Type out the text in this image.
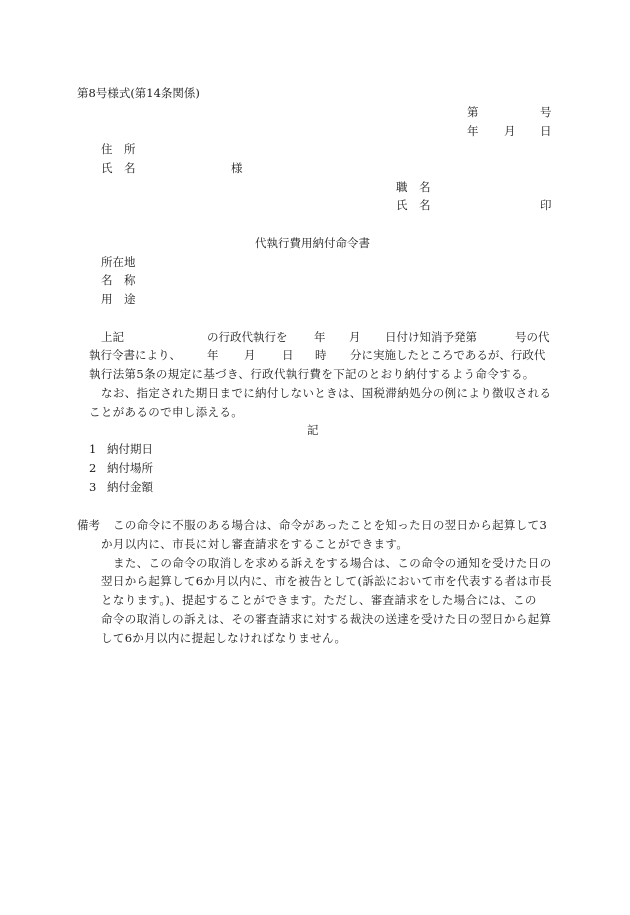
第8号様式(第14条関係)
第	号
年 月 日
住　所
氏　名	様
職　名
氏　名	印
代執行費用納付命令書
所在地
名　称
用　途
上記	の行政代執行を 年 月 日付け知消予発第	号の代
執行令書により、 年 月 日 時 分に実施したところであるが、行政代
執行法第5条の規定に基づき、行政代執行費を下記のとおり納付するよう命令する。
なお、指定された期日までに納付しないときは、国税滞納処分の例により徴収される
ことがあるので申し添える。
記
1 納付期日
2 納付場所
3 納付金額
備考 この命令に不服のある場合は、命令があったことを知った日の翌日から起算して3
か月以内に、市長に対し審査請求をすることができます。
また、この命令の取消しを求める訴えをする場合は、この命令の通知を受けた日の
翌日から起算して6か月以内に、市を被告として(訴訟において市を代表する者は市長
となります。)、提起することができます。ただし、審査請求をした場合には、この
命令の取消しの訴えは、その審査請求に対する裁決の送達を受けた日の翌日から起算
して6か月以内に提起しなければなりません。
